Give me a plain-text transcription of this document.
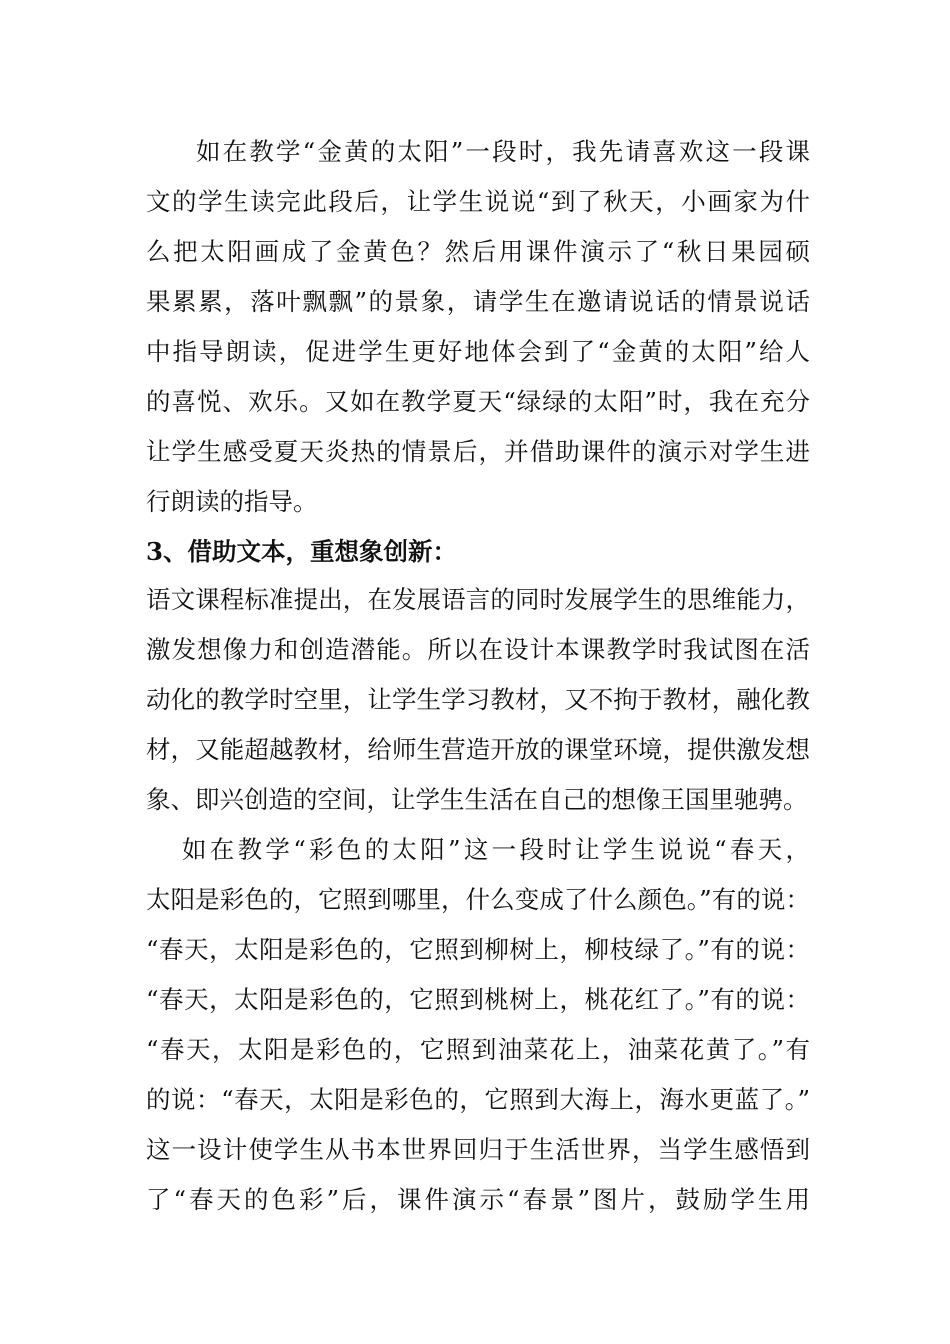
如在教学“金黄的太阳”一段时，我先请喜欢这一段课
文的学生读完此段后，让学生说说“到了秋天，小画家为什
么把太阳画成了金黄色？然后用课件演示了“秋日果园硕
果累累，落叶飘飘”的景象，请学生在邀请说话的情景说话
中指导朗读，促进学生更好地体会到了“金黄的太阳”给人
的喜悦、欢乐。又如在教学夏天“绿绿的太阳”时，我在充分
让学生感受夏天炎热的情景后，并借助课件的演示对学生进
行朗读的指导。
3、借助文本，重想象创新：
语文课程标准提出，在发展语言的同时发展学生的思维能力，
激发想像力和创造潜能。所以在设计本课教学时我试图在活
动化的教学时空里，让学生学习教材，又不拘于教材，融化教
材，又能超越教材，给师生营造开放的课堂环境，提供激发想
象、即兴创造的空间，让学生生活在自己的想像王国里驰骋。
如在教学“彩色的太阳”这一段时让学生说说“春天，
太阳是彩色的，它照到哪里，什么变成了什么颜色。”有的说：
“春天，太阳是彩色的，它照到柳树上，柳枝绿了。”有的说：
“春天，太阳是彩色的，它照到桃树上，桃花红了。”有的说：
“春天，太阳是彩色的，它照到油菜花上，油菜花黄了。”有
的说：“春天，太阳是彩色的，它照到大海上，海水更蓝了。”
这一设计使学生从书本世界回归于生活世界，当学生感悟到
了“春天的色彩”后，课件演示“春景”图片，鼓励学生用
